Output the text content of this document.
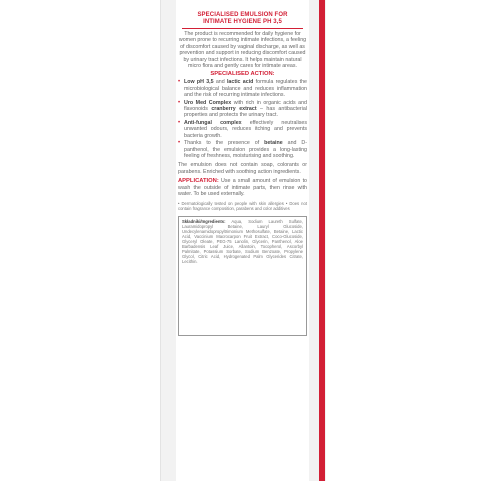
SPECIALISED EMULSION FOR
INTIMATE HYGIENE PH 3,5
The product is recommended for daily hygiene for women prone to recurring intimate infections, a feeling of discomfort caused by vaginal discharge, as well as prevention and support in reducing discomfort caused by urinary tract infections. It helps maintain natural micro flora and gently cares for intimate areas.
SPECIALISED ACTION:
• Low pH 3,5 and lactic acid formula regulates the microbiological balance and reduces inflammation and the risk of recurring intimate infections.
• Uro Med Complex with rich in organic acids and flavonoids cranberry extract – has antibacterial properties and protects the urinary tract.
• Anti-fungal complex effectively neutralises unwanted odours, reduces itching and prevents bacteria growth.
• Thanks to the presence of betaine and D-panthenol, the emulsion provides a long-lasting feeling of freshness, moisturising and soothing.
The emulsion does not contain soap, colorants or parabens. Enriched with soothing action ingredients.
APPLICATION: Use a small amount of emulsion to wash the outside of intimate parts, then rinse with water. To be used externally.
• Dermatologically tested on people with skin allergies • Does not contain fragrance composition, parabens and color additives
Składniki/Ingredients: Aqua, Sodium Laureth Sulfate, Lauramidopropyl Betaine, Lauryl Glucoside, Undecylenamidopropyltrimonium Methosulfate, Betaine, Lactic Acid, Vaccinium Macrocarpon Fruit Extract, Coco-Glucoside, Glyceryl Oleate, PEG-75 Lanolin, Glycerin, Panthenol, Aloe Barbadensis Leaf Juice, Allantoin, Tocopherol, Ascorbyl Palmitate, Potassium Sorbate, Sodium Benzoate, Propylene Glycol, Citric Acid, Hydrogenated Palm Glycerides Citrate, Lecithin.
